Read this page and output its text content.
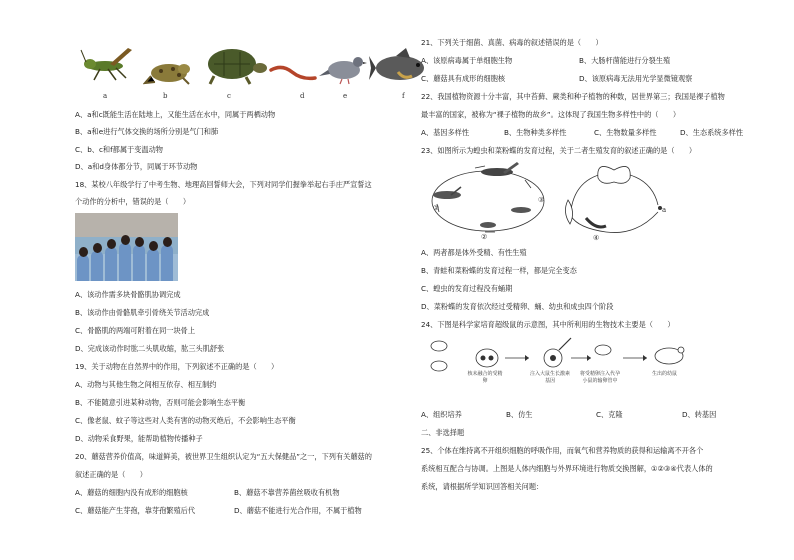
a	b	c	d	e	f
A、a和c既能生活在陆地上，又能生活在水中，同属于两栖动物
B、a和e进行气体交换的场所分别是气门和肺
C、b、c和f都属于变温动物
D、a和d身体都分节，同属于环节动物
18、某校八年级学行了中考生物、地理高回誓师大会，下列对同学们握拳举起右手庄严宣誓这
个动作的分析中，错误的是（　　）
A、该动作需多块骨骼肌协调完成
B、该动作由骨骼肌牵引骨绕关节活动完成
C、骨骼肌的两端可附着在同一块骨上
D、完成该动作时肱二头肌收缩，肱三头肌舒张
19、关于动物在自然界中的作用，下列叙述不正确的是（　　）
A、动物与其他生物之间相互依存、相互制约
B、不能随意引进某种动物，否则可能会影响生态平衡
C、像老鼠、蚊子等这些对人类有害的动物灭绝后，不会影响生态平衡
D、动物采食野果，能帮助植物传播种子
20、蘑菇营养价值高，味道鲜美，被世界卫生组织认定为“五大保健品”之一，下列有关蘑菇的
叙述正确的是（　　）
A、蘑菇的细胞内没有成形的细胞核	B、蘑菇不靠营养菌丝吸收有机物
C、蘑菇能产生芽孢，靠芽孢繁殖后代	D、蘑菇不能进行光合作用，不属于植物
21、下列关于细菌、真菌、病毒的叙述错误的是（　　）
A、该原病毒属于单细胞生物	B、大肠杆菌能进行分裂生殖
C、蘑菇具有成形的细胞核	D、该原病毒无法用光学显微镜观察
22、我国植物资源十分丰富，其中苔藓、蕨类和种子植物的种数，居世界第三；我国是裸子植物
最丰富的国家，被称为“裸子植物的故乡”。这体现了我国生物多样性中的（　　）
A、基因多样性	B、生物种类多样性	C、生物数量多样性	D、生态系统多样性
23、如图所示为蝗虫和菜粉蝶的发育过程，关于二者生殖发育的叙述正确的是（　　）
①
②
③
④
a
A、两者都是体外受精、有性生殖
B、青蛙和菜粉蝶的发育过程一样，都是完全变态
C、蝗虫的发育过程没有蛹期
D、菜粉蝶的发育依次经过受精卵、蛹、幼虫和成虫四个阶段
24、下图是科学家培育超级鼠的示意图，其中所利用的生物技术主要是（　　）
核未融合的受精卵
注入大鼠生长激素基因
将受精卵注入代孕小鼠的输卵管中
生出的幼鼠
A、组织培养	B、仿生	C、克隆	D、转基因
二、非选择题
25、个体在维持离不开组织细胞的呼吸作用，而氧气和营养物质的获得和运输离不开各个
系统相互配合与协调。上图是人体内细胞与外界环境进行物质交换图解，①②③④代表人体的
系统，请根据所学知识回答相关问题：
